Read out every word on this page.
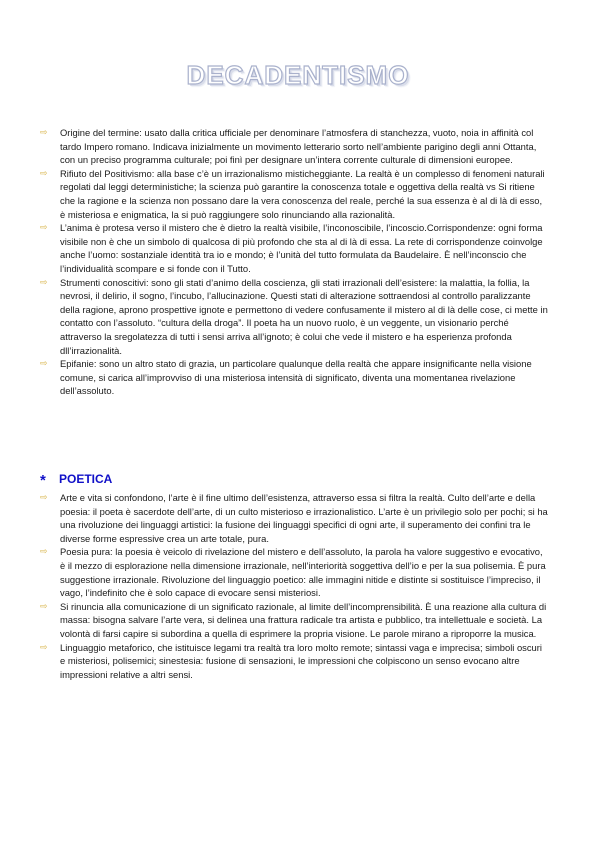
DECADENTISMO
⇨ Origine del termine: usato dalla critica ufficiale per denominare l’atmosfera di stanchezza, vuoto, noia in affinità col tardo Impero romano. Indicava inizialmente un movimento letterario sorto nell’ambiente parigino degli anni Ottanta, con un preciso programma culturale; poi finì per designare un’intera corrente culturale di dimensioni europee.
⇨ Rifiuto del Positivismo: alla base c’è un irrazionalismo misticheggiante. La realtà è un complesso di fenomeni naturali regolati dal leggi deterministiche; la scienza può garantire la conoscenza totale e oggettiva della realtà vs Si ritiene che la ragione e la scienza non possano dare la vera conoscenza del reale, perché la sua essenza è al di là di esso, è misteriosa e enigmatica, la si può raggiungere solo rinunciando alla razionalità.
⇨ L’anima è protesa verso il mistero che è dietro la realtà visibile, l’inconoscibile, l’incoscio.Corrispondenze: ogni forma visibile non è che un simbolo di qualcosa di più profondo che sta al di là di essa. La rete di corrispondenze coinvolge anche l’uomo: sostanziale identità tra io e mondo; è l’unità del tutto formulata da Baudelaire. È nell’inconscio che l’individualità scompare e si fonde con il Tutto.
⇨ Strumenti conoscitivi: sono gli stati d’animo della coscienza, gli stati irrazionali dell’esistere: la malattia, la follia, la nevrosi, il delirio, il sogno, l’incubo, l’allucinazione. Questi stati di alterazione sottraendosi al controllo paralizzante della ragione, aprono prospettive ignote e permettono di vedere confusamente il mistero al di là delle cose, ci mette in contatto con l’assoluto. “cultura della droga”. Il poeta ha un nuovo ruolo, è un veggente, un visionario perché attraverso la sregolatezza di tutti i sensi arriva all’ignoto; è colui che vede il mistero e ha esperienza profonda dll’irrazionalità.
⇨ Epifanie: sono un altro stato di grazia, un particolare qualunque della realtà che appare insignificante nella visione comune, si carica all’improvviso di una misteriosa intensità di significato, diventa una momentanea rivelazione dell’assoluto.
* POETICA
⇨ Arte e vita si confondono, l’arte è il fine ultimo dell’esistenza, attraverso essa si filtra la realtà. Culto dell’arte e della poesia: il poeta è sacerdote dell’arte, di un culto misterioso e irrazionalistico. L’arte è un privilegio solo per pochi; si ha una rivoluzione dei linguaggi artistici: la fusione dei linguaggi specifici di ogni arte, il superamento dei confini tra le diverse forme espressive crea un arte totale, pura.
⇨ Poesia pura: la poesia è veicolo di rivelazione del mistero e dell’assoluto, la parola ha valore suggestivo e evocativo, è il mezzo di esplorazione nella dimensione irrazionale, nell’interiorità soggettiva dell’io e per la sua polisemia. È pura suggestione irrazionale. Rivoluzione del linguaggio poetico: alle immagini nitide e distinte si sostituisce l’impreciso, il vago, l’indefinito che è solo capace di evocare sensi misteriosi.
⇨ Si rinuncia alla comunicazione di un significato razionale, al limite dell’incomprensibilità. È una reazione alla cultura di massa: bisogna salvare l’arte vera, si delinea una frattura radicale tra artista e pubblico, tra intellettuale e società. La volontà di farsi capire si subordina a quella di esprimere la propria visione. Le parole mirano a riproporre la musica.
⇨ Linguaggio metaforico, che istituisce legami tra realtà tra loro molto remote; sintassi vaga e imprecisa; simboli oscuri e misteriosi, polisemici; sinestesia: fusione di sensazioni, le impressioni che colpiscono un senso evocano altre impressioni relative a altri sensi.
